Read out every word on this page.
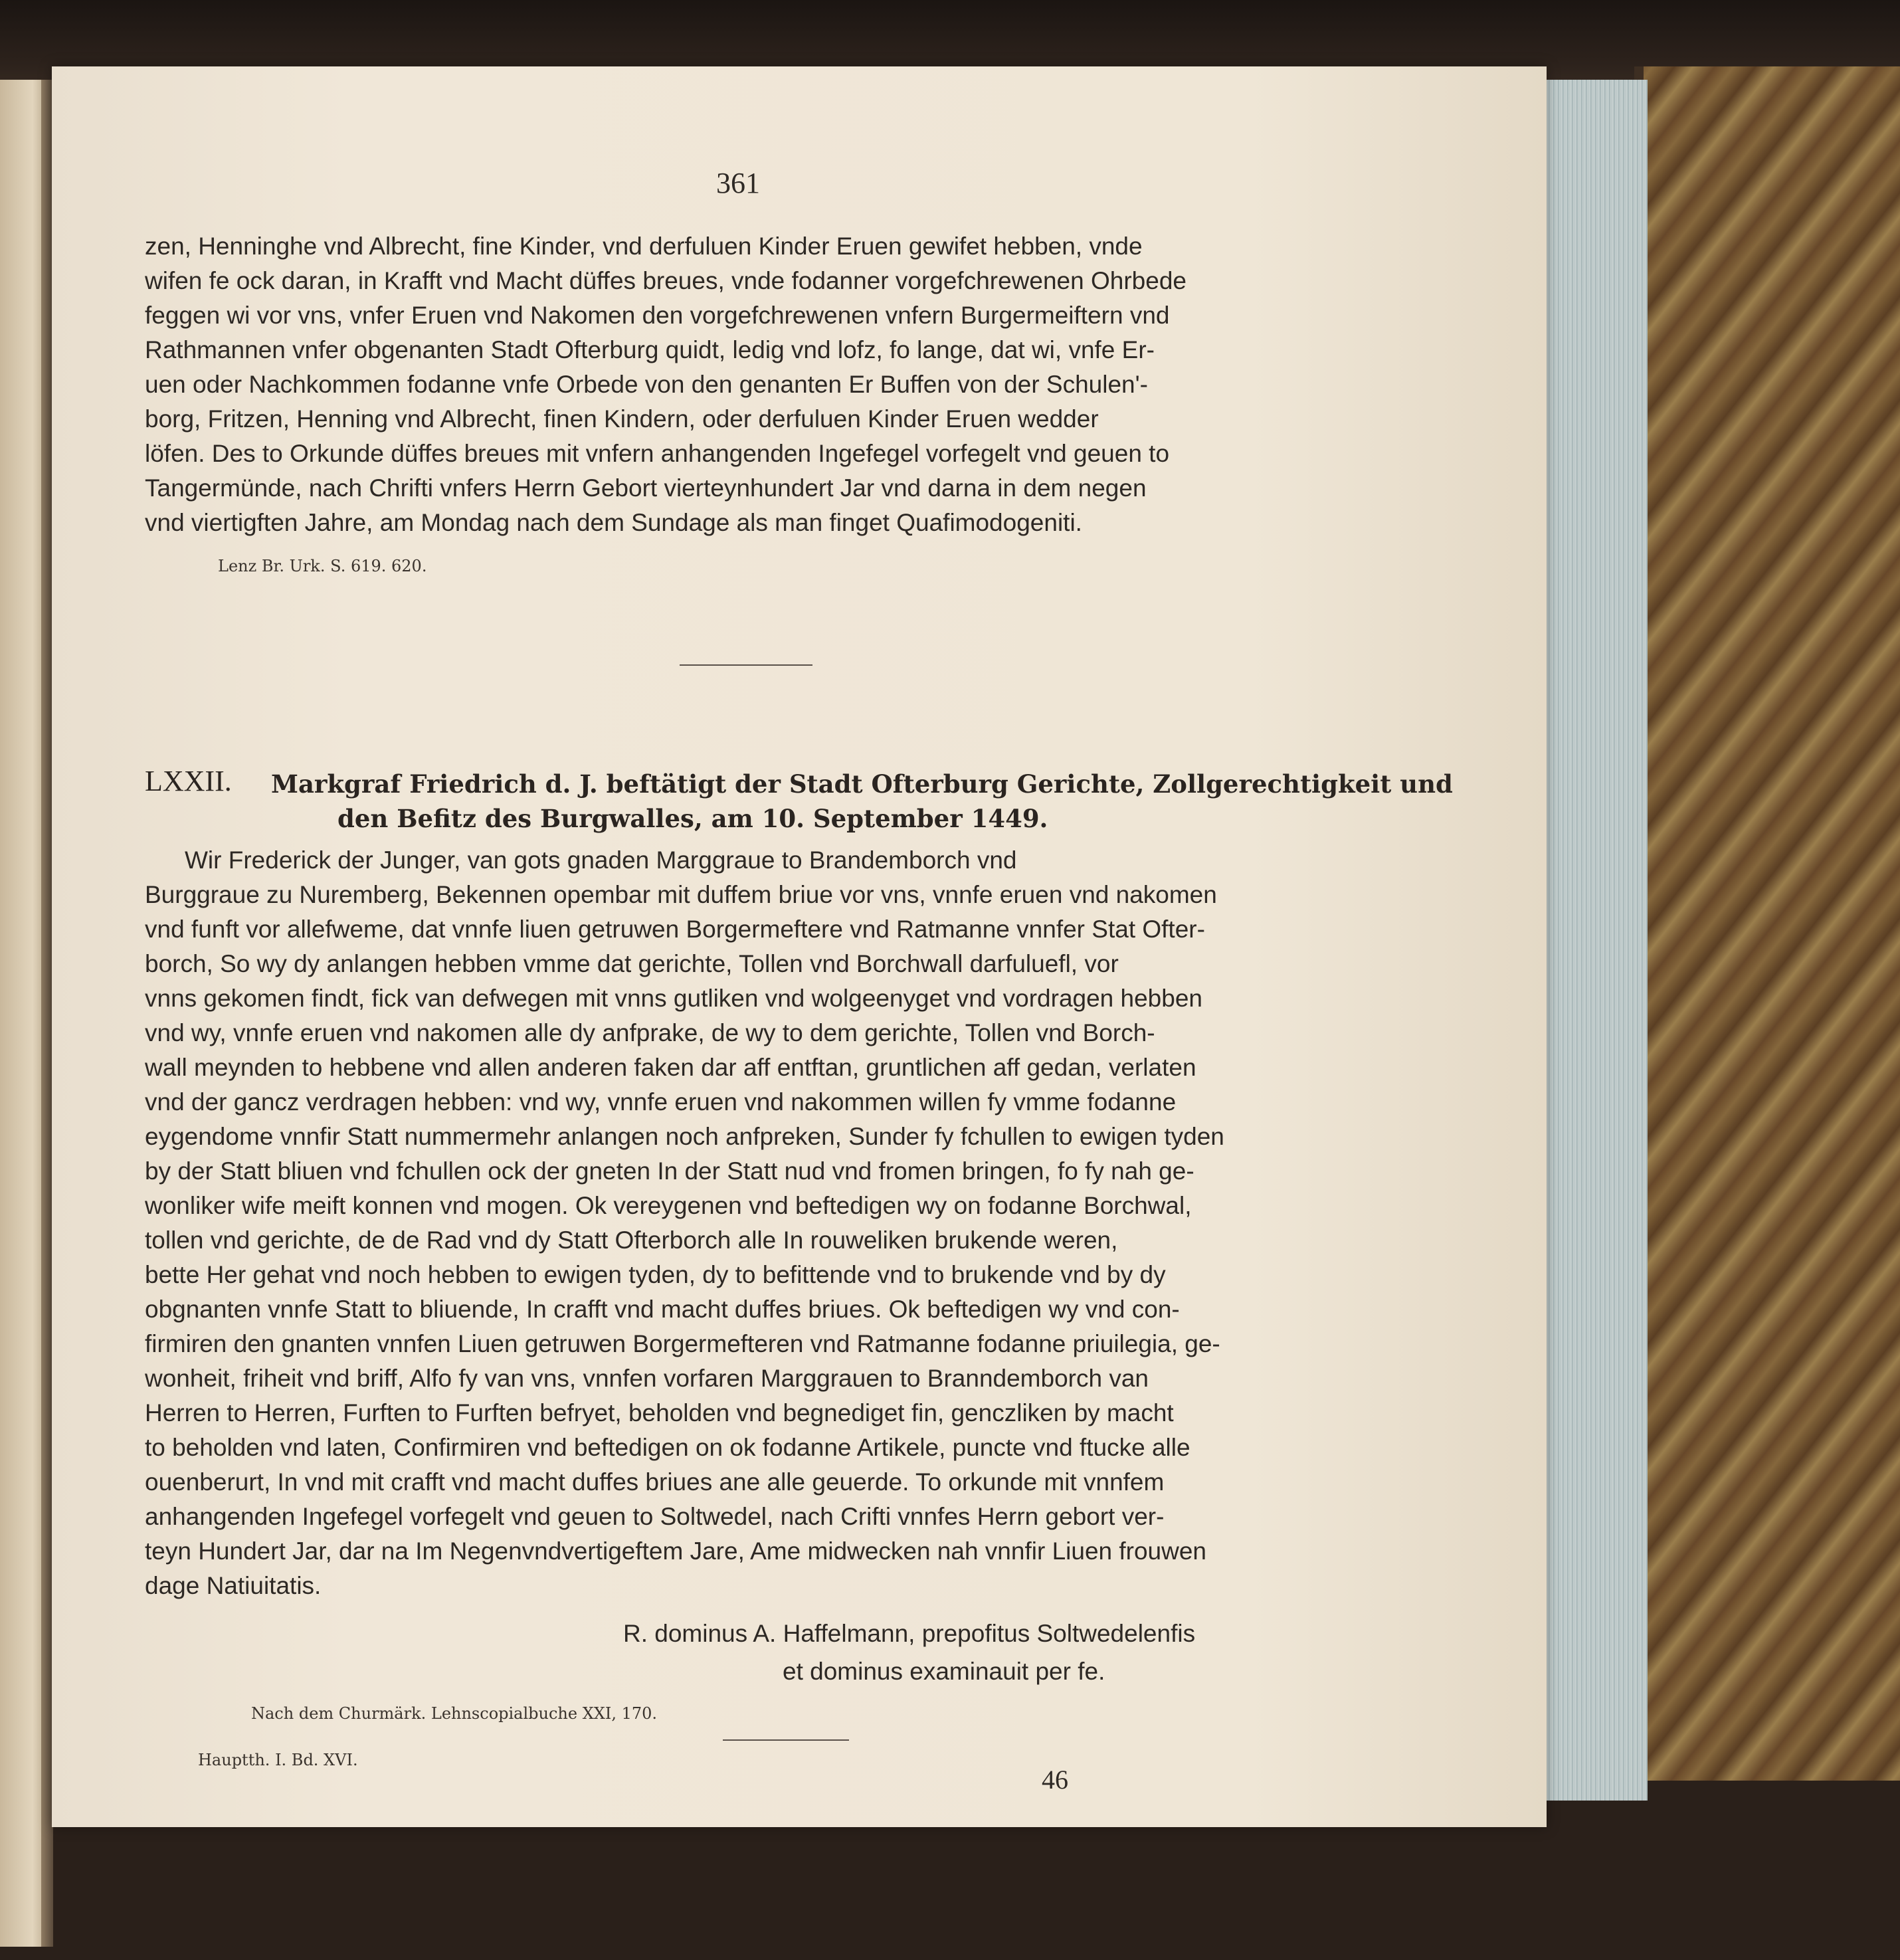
361
zen, Henninghe vnd Albrecht, fine Kinder, vnd derfuluen Kinder Eruen gewifet hebben, vnde
wifen fe ock daran, in Krafft vnd Macht düffes breues, vnde fodanner vorgefchrewenen Ohrbede
feggen wi vor vns, vnfer Eruen vnd Nakomen den vorgefchrewenen vnfern Burgermeiftern vnd
Rathmannen vnfer obgenanten Stadt Ofterburg quidt, ledig vnd lofz, fo lange, dat wi, vnfe Er-
uen oder Nachkommen fodanne vnfe Orbede von den genanten Er Buffen von der Schulen'-
borg, Fritzen, Henning vnd Albrecht, finen Kindern, oder derfuluen Kinder Eruen wedder
löfen. Des to Orkunde düffes breues mit vnfern anhangenden Ingefegel vorfegelt vnd geuen to
Tangermünde, nach Chrifti vnfers Herrn Gebort vierteynhundert Jar vnd darna in dem negen
vnd viertigften Jahre, am Mondag nach dem Sundage als man finget Quafimodogeniti.
Lenz Br. Urk. S. 619. 620.
LXXII. Markgraf Friedrich d. J. beftätigt der Stadt Ofterburg Gerichte, Zollgerechtigkeit und
den Befitz des Burgwalles, am 10. September 1449.
Wir Frederick der Junger, van gots gnaden Marggraue to Brandemborch vnd
Burggraue zu Nuremberg, Bekennen opembar mit duffem briue vor vns, vnnfe eruen vnd nakomen
vnd funft vor allefweme, dat vnnfe liuen getruwen Borgermeftere vnd Ratmanne vnnfer Stat Ofter-
borch, So wy dy anlangen hebben vmme dat gerichte, Tollen vnd Borchwall darfuluefl, vor
vnns gekomen findt, fick van defwegen mit vnns gutliken vnd wolgeenyget vnd vordragen hebben
vnd wy, vnnfe eruen vnd nakomen alle dy anfprake, de wy to dem gerichte, Tollen vnd Borch-
wall meynden to hebbene vnd allen anderen faken dar aff entftan, gruntlichen aff gedan, verlaten
vnd der gancz verdragen hebben: vnd wy, vnnfe eruen vnd nakommen willen fy vmme fodanne
eygendome vnnfir Statt nummermehr anlangen noch anfpreken, Sunder fy fchullen to ewigen tyden
by der Statt bliuen vnd fchullen ock der gneten In der Statt nud vnd fromen bringen, fo fy nah ge-
wonliker wife meift konnen vnd mogen. Ok vereygenen vnd beftedigen wy on fodanne Borchwal,
tollen vnd gerichte, de de Rad vnd dy Statt Ofterborch alle In rouweliken brukende weren,
bette Her gehat vnd noch hebben to ewigen tyden, dy to befittende vnd to brukende vnd by dy
obgnanten vnnfe Statt to bliuende, In crafft vnd macht duffes briues. Ok beftedigen wy vnd con-
firmiren den gnanten vnnfen Liuen getruwen Borgermefteren vnd Ratmanne fodanne priuilegia, ge-
wonheit, friheit vnd briff, Alfo fy van vns, vnnfen vorfaren Marggrauen to Branndemborch van
Herren to Herren, Furften to Furften befryet, beholden vnd begnediget fin, genczliken by macht
to beholden vnd laten, Confirmiren vnd beftedigen on ok fodanne Artikele, puncte vnd ftucke alle
ouenberurt, In vnd mit crafft vnd macht duffes briues ane alle geuerde. To orkunde mit vnnfem
anhangenden Ingefegel vorfegelt vnd geuen to Soltwedel, nach Crifti vnnfes Herrn gebort ver-
teyn Hundert Jar, dar na Im Negenvndvertigeftem Jare, Ame midwecken nah vnnfir Liuen frouwen
dage Natiuitatis.
R. dominus A. Haffelmann, prepofitus Soltwedelenfis
et dominus examinauit per fe.
Nach dem Churmärk. Lehnscopialbuche XXI, 170.
Hauptth. I. Bd. XVI.
46
